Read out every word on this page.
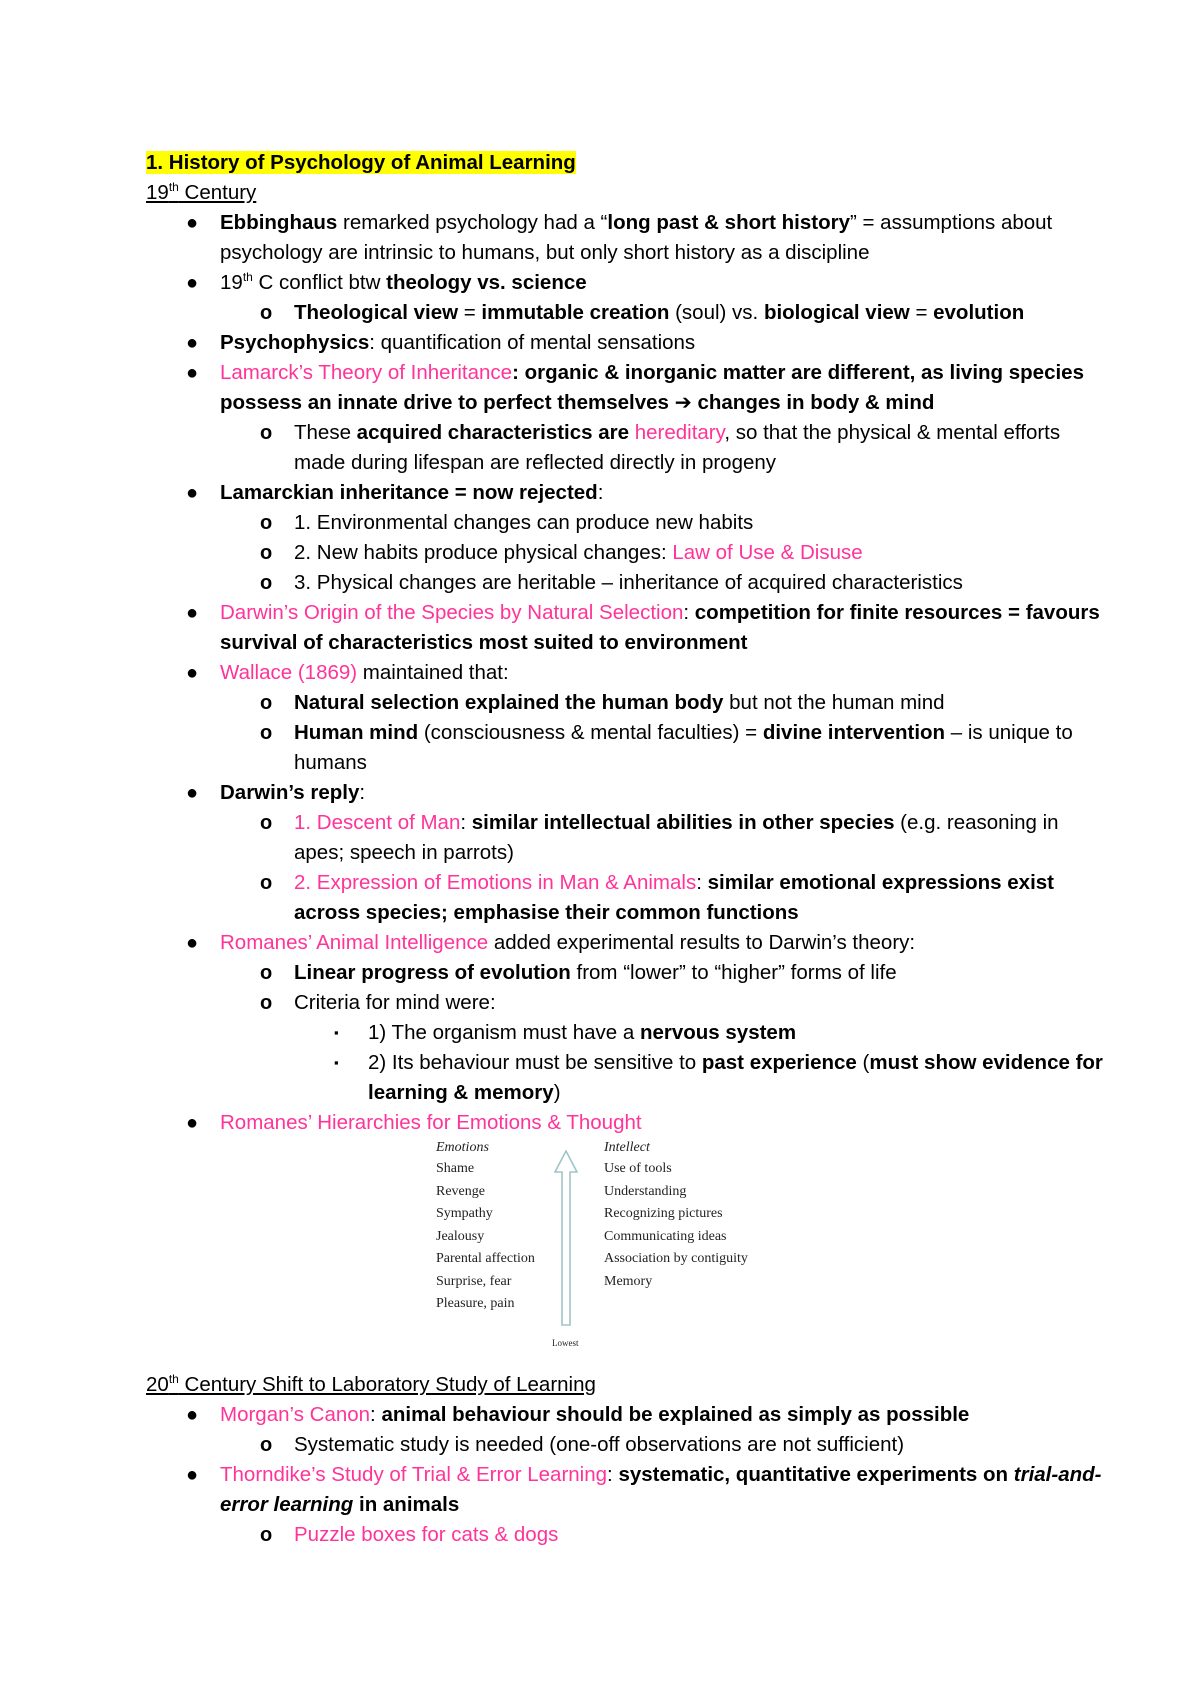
1. History of Psychology of Animal Learning
19th Century
● Ebbinghaus remarked psychology had a “long past & short history” = assumptions about psychology are intrinsic to humans, but only short history as a discipline
● 19th C conflict btw theology vs. science
o Theological view = immutable creation (soul) vs. biological view = evolution
● Psychophysics: quantification of mental sensations
● Lamarck’s Theory of Inheritance: organic & inorganic matter are different, as living species possess an innate drive to perfect themselves ➔ changes in body & mind
o These acquired characteristics are hereditary, so that the physical & mental efforts made during lifespan are reflected directly in progeny
● Lamarckian inheritance = now rejected:
o 1. Environmental changes can produce new habits
o 2. New habits produce physical changes: Law of Use & Disuse
o 3. Physical changes are heritable – inheritance of acquired characteristics
● Darwin’s Origin of the Species by Natural Selection: competition for finite resources = favours survival of characteristics most suited to environment
● Wallace (1869) maintained that:
o Natural selection explained the human body but not the human mind
o Human mind (consciousness & mental faculties) = divine intervention – is unique to humans
● Darwin’s reply:
o 1. Descent of Man: similar intellectual abilities in other species (e.g. reasoning in apes; speech in parrots)
o 2. Expression of Emotions in Man & Animals: similar emotional expressions exist across species; emphasise their common functions
● Romanes’ Animal Intelligence added experimental results to Darwin’s theory:
o Linear progress of evolution from “lower” to “higher” forms of life
o Criteria for mind were:
▪ 1) The organism must have a nervous system
▪ 2) Its behaviour must be sensitive to past experience (must show evidence for learning & memory)
● Romanes’ Hierarchies for Emotions & Thought
Emotions
Shame
Revenge
Sympathy
Jealousy
Parental affection
Surprise, fear
Pleasure, pain
Lowest
Intellect
Use of tools
Understanding
Recognizing pictures
Communicating ideas
Association by contiguity
Memory
20th Century Shift to Laboratory Study of Learning
● Morgan’s Canon: animal behaviour should be explained as simply as possible
o Systematic study is needed (one-off observations are not sufficient)
● Thorndike’s Study of Trial & Error Learning: systematic, quantitative experiments on trial-and-error learning in animals
o Puzzle boxes for cats & dogs
